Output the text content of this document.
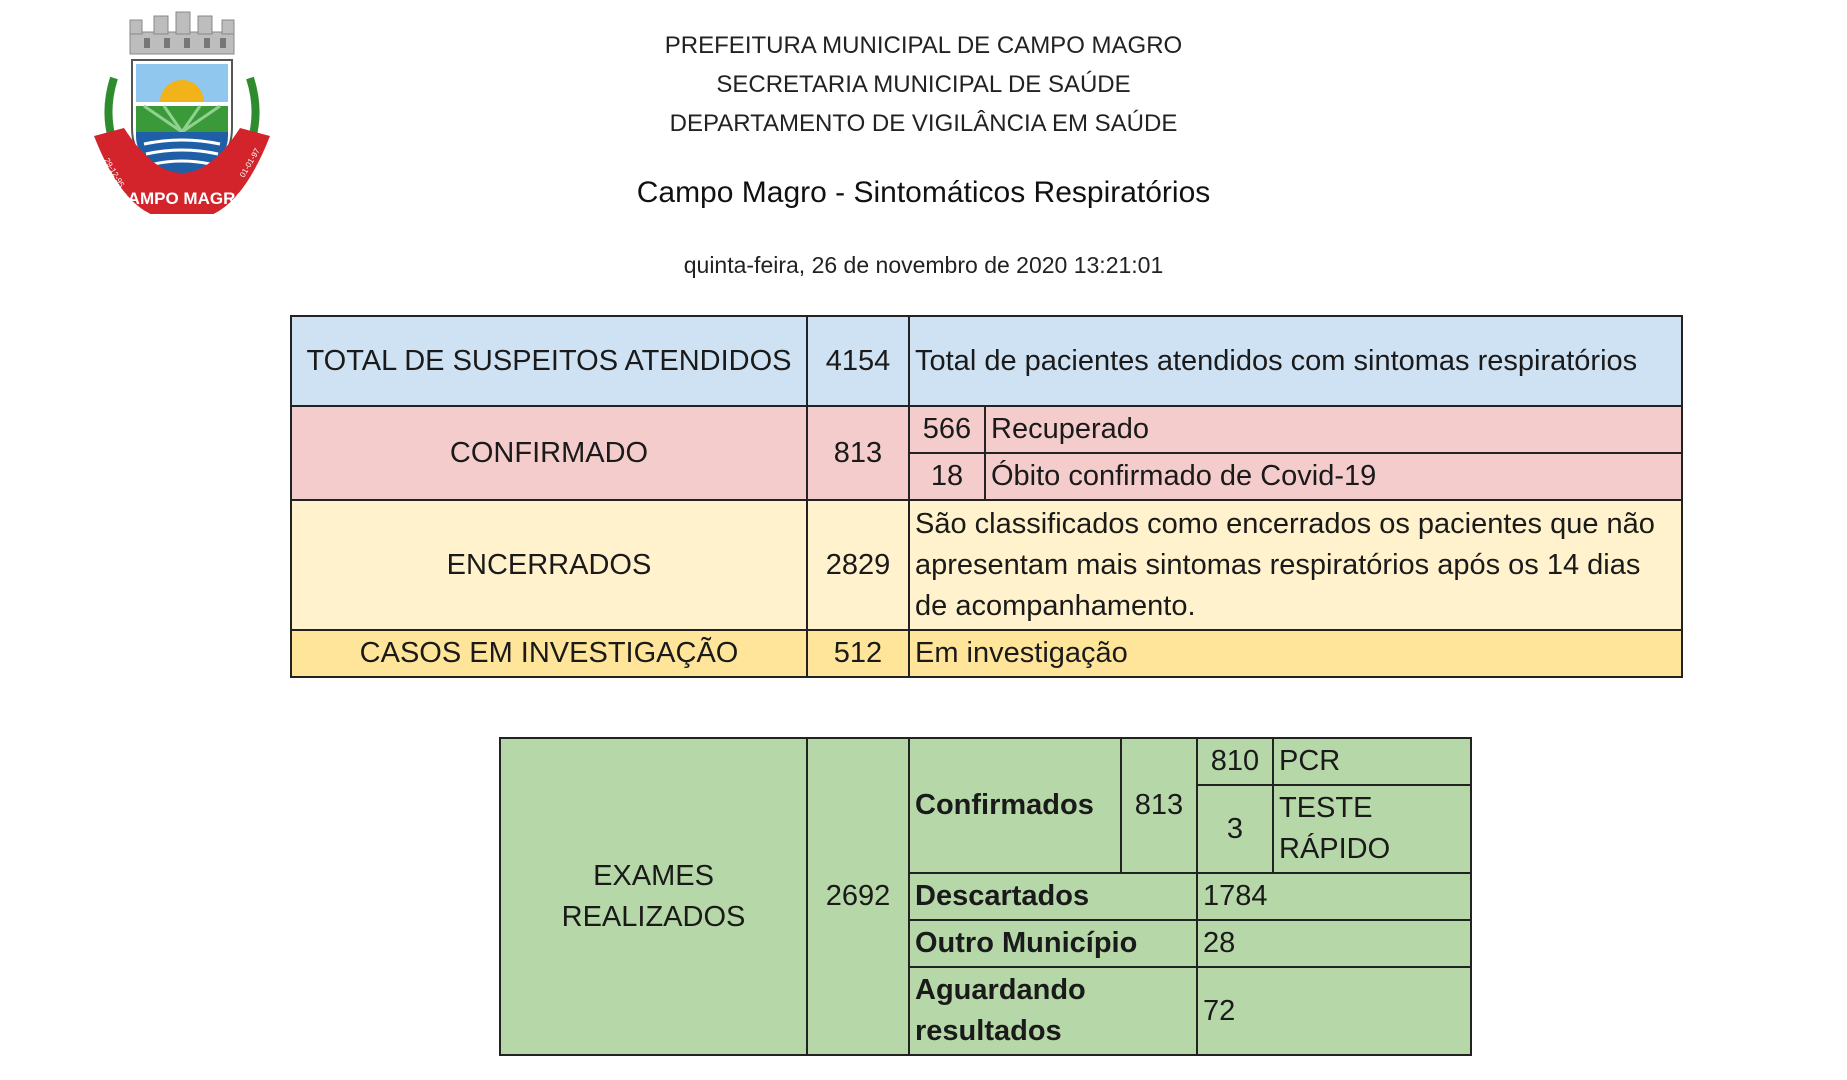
29-12-95	01-01-97
CAMPO MAGRO
PREFEITURA MUNICIPAL DE CAMPO MAGRO
SECRETARIA MUNICIPAL DE SAÚDE
DEPARTAMENTO DE VIGILÂNCIA EM SAÚDE
Campo Magro - Sintomáticos Respiratórios
quinta-feira, 26 de novembro de 2020 13:21:01
TOTAL DE SUSPEITOS ATENDIDOS	4154	Total de pacientes atendidos com sintomas respiratórios	
CONFIRMADO	813	566	Recuperado
		18	Óbito confirmado de Covid-19
ENCERRADOS	2829	São classificados como encerrados os pacientes que não apresentam mais sintomas respiratórios após os 14 dias de acompanhamento.	
CASOS EM INVESTIGAÇÃO	512	Em investigação	
EXAMES REALIZADOS	2692	Confirmados	813	810	PCR
				3	TESTE RÁPIDO
		Descartados		1784	
		Outro Município		28	
		Aguardando resultados		72	
